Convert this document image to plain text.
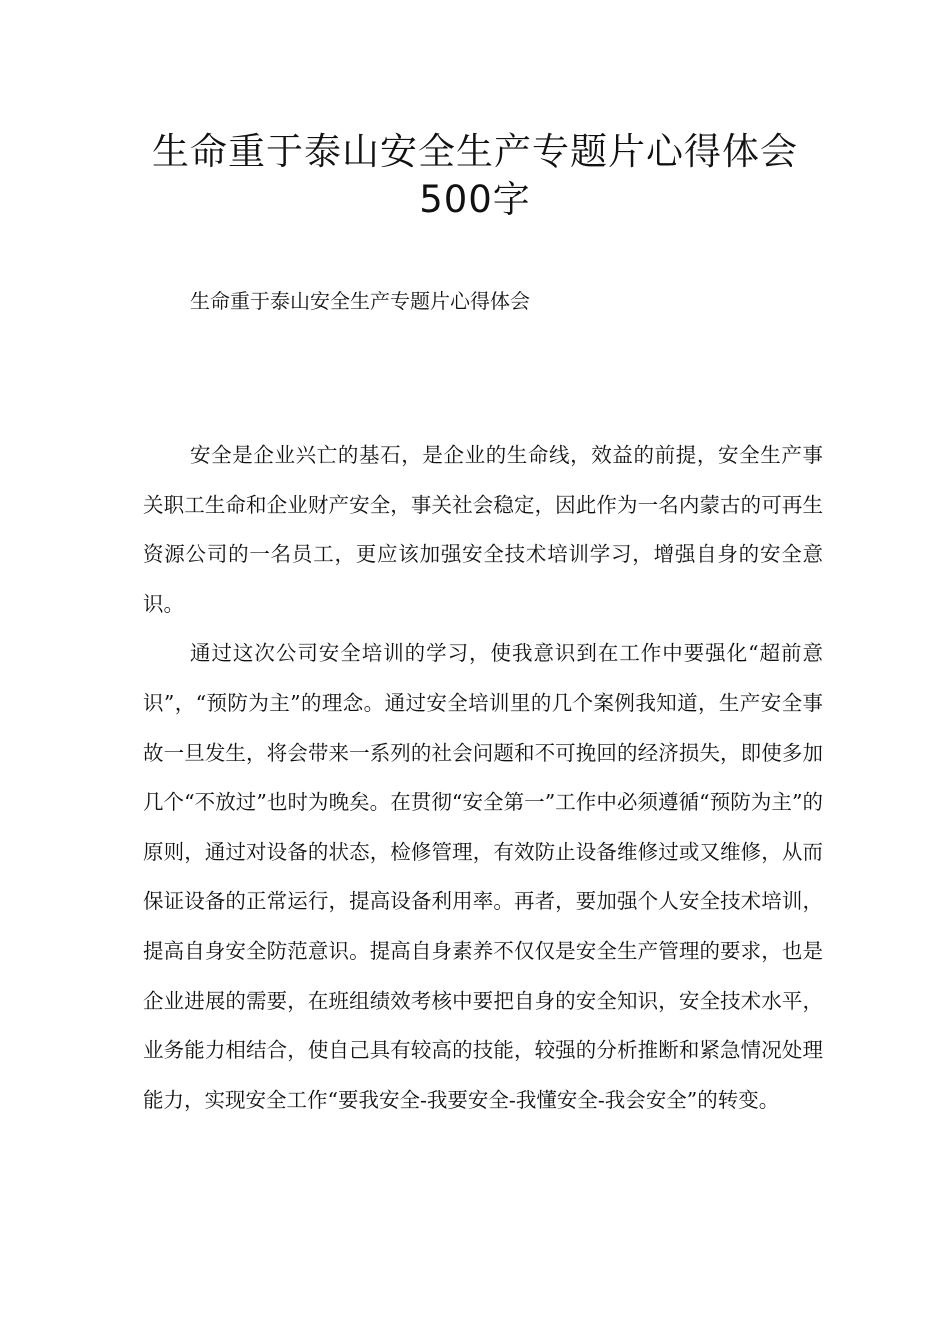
生命重于泰山安全生产专题片心得体会
500字

生命重于泰山安全生产专题片心得体会

安全是企业兴亡的基石，是企业的生命线，效益的前提，安全生产事关职工生命和企业财产安全，事关社会稳定，因此作为一名内蒙古的可再生资源公司的一名员工，更应该加强安全技术培训学习，增强自身的安全意识。

通过这次公司安全培训的学习，使我意识到在工作中要强化“超前意识”，“预防为主”的理念。通过安全培训里的几个案例我知道，生产安全事故一旦发生，将会带来一系列的社会问题和不可挽回的经济损失，即使多加几个“不放过”也时为晚矣。在贯彻“安全第一”工作中必须遵循“预防为主”的原则，通过对设备的状态，检修管理，有效防止设备维修过或又维修，从而保证设备的正常运行，提高设备利用率。再者，要加强个人安全技术培训，提高自身安全防范意识。提高自身素养不仅仅是安全生产管理的要求，也是企业进展的需要，在班组绩效考核中要把自身的安全知识，安全技术水平，业务能力相结合，使自己具有较高的技能，较强的分析推断和紧急情况处理能力，实现安全工作“要我安全-我要安全-我懂安全-我会安全”的转变。
